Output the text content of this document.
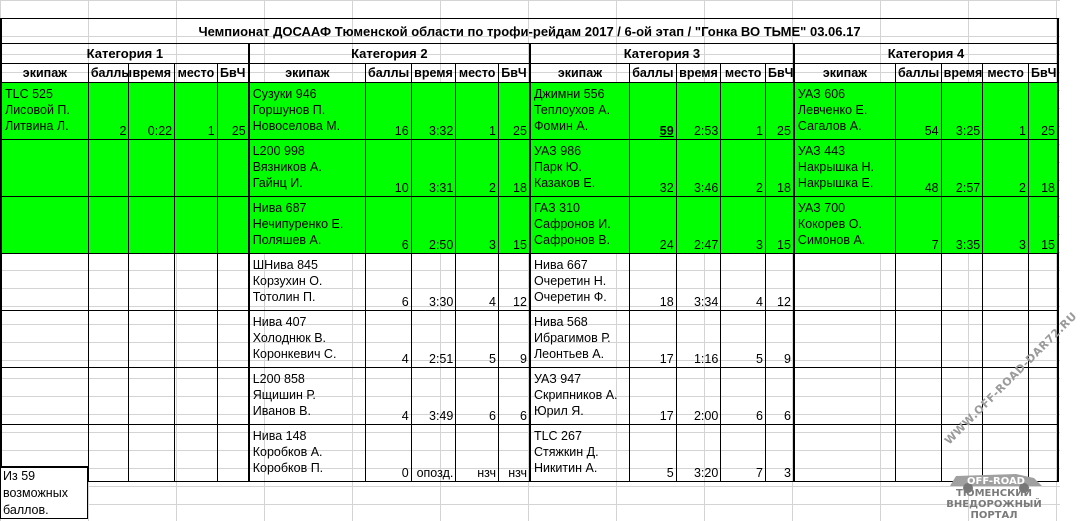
Чемпионат ДОСААФ Тюменской области по трофи-рейдам 2017 / 6-ой этап / "Гонка ВО ТЬМЕ" 03.06.17																			
Категория 1					Категория 2					Категория 3					Категория 4				
экипаж	баллы	время	место	БвЧ	экипаж	баллы	время	место	БвЧ	экипаж	баллы	время	место	БвЧ	экипаж	баллы	время	место	БвЧ

TLC 525
Лисовой П.
Литвина Л.	2	0:22	1	25	Сузуки 946
Горшунов П.
Новоселова М.	16	3:32	1	25	Джимни 556
Теплоухов А.
Фомин А.	59	2:53	1	25	УАЗ 606
Левченко Е.
Сагалов А.	54	3:25	1	25

					L200 998
Вязников А.
Гайнц И.	10	3:31	2	18	УАЗ 986
Парк Ю.
Казаков Е.	32	3:46	2	18	УАЗ 443
Накрышка Н.
Накрышка Е.	48	2:57	2	18

					Нива 687
Нечипуренко Е.
Поляшев А.	6	2:50	3	15	ГАЗ 310
Сафронов И.
Сафронов В.	24	2:47	3	15	УАЗ 700
Кокорев О.
Симонов А.	7	3:35	3	15

					ШНива 845
Корзухин О.
Тотолин П.	6	3:30	4	12	Нива 667
Очеретин Н.
Очеретин Ф.	18	3:34	4	12	

					Нива 407
Холоднюк В.
Коронкевич С.	4	2:51	5	9	Нива 568
Ибрагимов Р.
Леонтьев А.	17	1:16	5	9	

					L200 858
Ящишин Р.
Иванов В.	4	3:49	6	6	УАЗ 947
Скрипников А.
Юрил Я.	17	2:00	6	6	

					Нива 148
Коробков А.
Коробков П.	0	опозд.	нзч	нзч	TLC 267
Стяжкин Д.
Никитин А.	5	3:20	7	3	

Из 59
возможных
баллов.
WWW.OFF-ROAD-DAR72.RU
OFF-ROAD
ТЮМЕНСКИЙ
ВНЕДОРОЖНЫЙ
ПОРТАЛ
